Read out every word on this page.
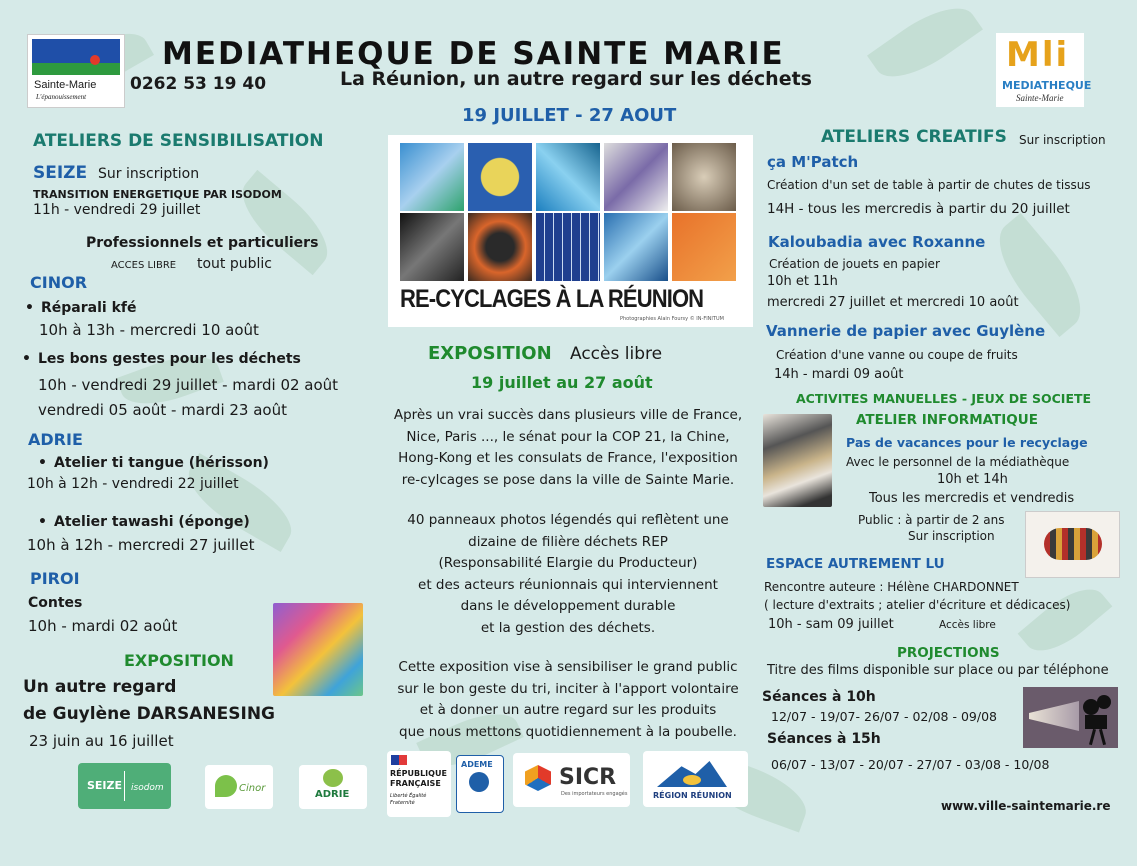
Sainte-Marie
L'épanouissement
Mli
MEDIATHEQUE
Sainte-Marie
MEDIATHEQUE DE SAINTE MARIE
0262 53 19 40	La Réunion, un autre regard sur les déchets
19 JUILLET - 27 AOUT
ATELIERS DE SENSIBILISATION
SEIZE Sur inscription
TRANSITION ENERGETIQUE PAR ISODOM
11h - vendredi 29 juillet
Professionnels et particuliers
ACCES LIBRE tout public
CINOR
• Réparali kfé
10h à 13h - mercredi 10 août
• Les bons gestes pour les déchets
10h - vendredi 29 juillet - mardi 02 août
vendredi 05 août - mardi 23 août
ADRIE
• Atelier ti tangue (hérisson)
10h à 12h - vendredi 22 juillet
• Atelier tawashi (éponge)
10h à 12h - mercredi 27 juillet
PIROI
Contes
10h - mardi 02 août
EXPOSITION
Un autre regard
de Guylène DARSANESING
23 juin au 16 juillet
RE-CYCLAGES À LA RÉUNION
Photographies Alain Foursy © IN-FINITUM
EXPOSITION Accès libre
19 juillet au 27 août
Après un vrai succès dans plusieurs ville de France,
Nice, Paris ..., le sénat pour la COP 21, la Chine,
Hong-Kong et les consulats de France, l'exposition
re-cylcages se pose dans la ville de Sainte Marie.
40 panneaux photos légendés qui reflètent une
dizaine de filière déchets REP
(Responsabilité Elargie du Producteur)
et des acteurs réunionnais qui interviennent
dans le développement durable
et la gestion des déchets.
Cette exposition vise à sensibiliser le grand public
sur le bon geste du tri, inciter à l'apport volontaire
et à donner un autre regard sur les produits
que nous mettons quotidiennement à la poubelle.
ATELIERS CREATIFS Sur inscription
ça M'Patch
Création d'un set de table à partir de chutes de tissus
14H - tous les mercredis à partir du 20 juillet
Kaloubadia avec Roxanne
Création de jouets en papier
10h et 11h
mercredi 27 juillet et mercredi 10 août
Vannerie de papier avec Guylène
Création d'une vanne ou coupe de fruits
14h - mardi 09 août
ACTIVITES MANUELLES - JEUX DE SOCIETE
ATELIER INFORMATIQUE
Pas de vacances pour le recyclage
Avec le personnel de la médiathèque
10h et 14h
Tous les mercredis et vendredis
Public : à partir de 2 ans
Sur inscription
ESPACE AUTREMENT LU
Rencontre auteure : Hélène CHARDONNET
( lecture d'extraits ; atelier d'écriture et dédicaces)
10h - sam 09 juillet	Accès libre
PROJECTIONS
Titre des films disponible sur place ou par téléphone
Séances à 10h
12/07 - 19/07- 26/07 - 02/08 - 09/08
Séances à 15h
06/07 - 13/07 - 20/07 - 27/07 - 03/08 - 10/08
SEIZE isodom	Cinor
ADRIE
RÉPUBLIQUE
FRANÇAISE
Liberté Égalité Fraternité
ADEME
SICR
Des importateurs engagés	RÉGION RÉUNION
www.ville-saintemarie.re
